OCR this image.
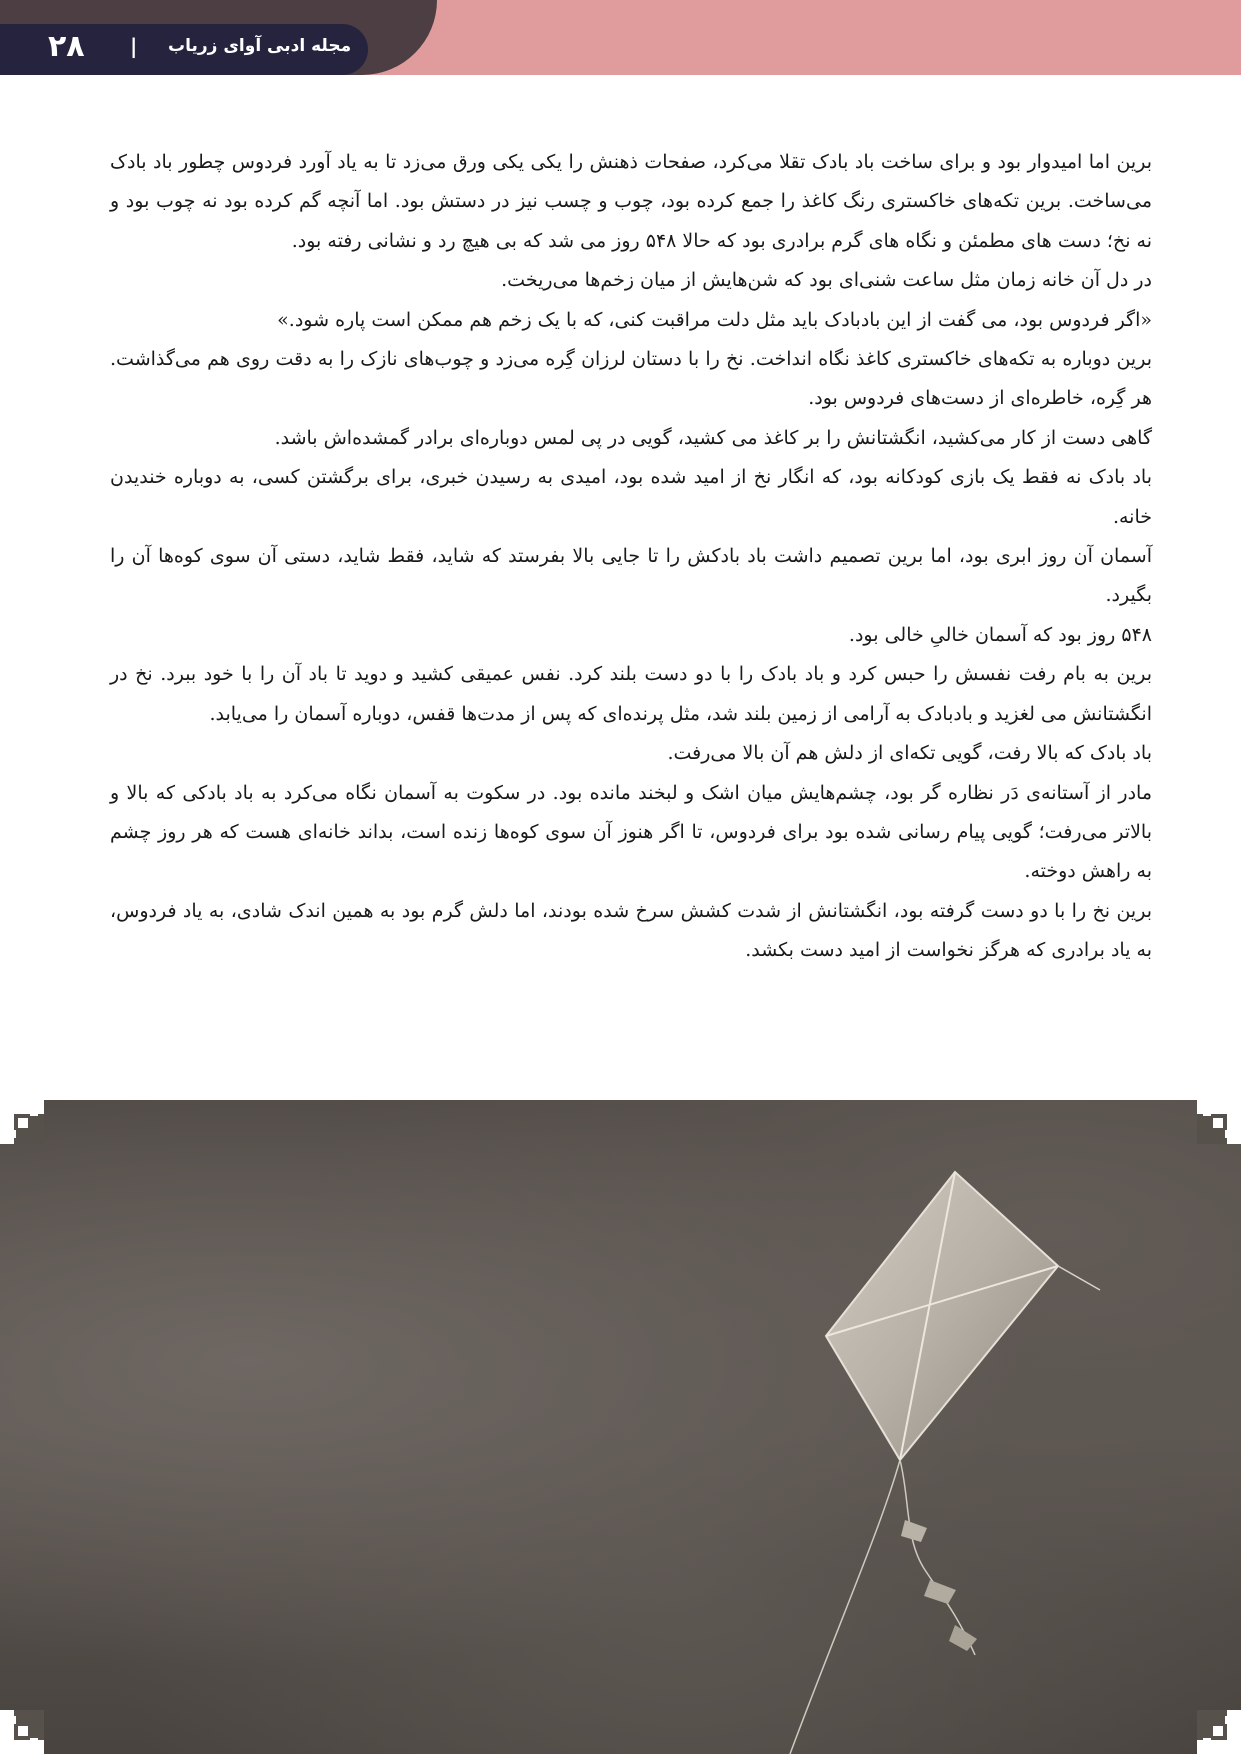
۲۸ | مجله ادبی آوای زریاب

برین اما امیدوار بود و برای ساخت باد بادک تقلا می‌کرد، صفحات ذهنش را یکی یکی ورق می‌زد تا به یاد آورد فردوس چطور باد بادک می‌ساخت. برین تکه‌های خاکستری رنگ کاغذ را جمع کرده بود، چوب و چسب نیز در دستش بود. اما آنچه گم کرده بود نه چوب بود و نه نخ؛ دست های مطمئن و نگاه های گرم برادری بود که حالا ۵۴۸ روز می شد که بی هیچ رد و نشانی رفته بود.

در دل آن خانه زمان مثل ساعت شنی‌ای بود که شن‌هایش از میان زخم‌ها می‌ریخت.

«اگر فردوس بود، می گفت از این بادبادک باید مثل دلت مراقبت کنی، که با یک زخم هم ممکن است پاره شود.»

برین دوباره به تکه‌های خاکستری کاغذ نگاه انداخت. نخ را با دستان لرزان گِره می‌زد و چوب‌های نازک را به دقت روی هم می‌گذاشت. هر گِره، خاطره‌ای از دست‌های فردوس بود.

گاهی دست از کار می‌کشید، انگشتانش را بر کاغذ می کشید، گویی در پی لمس دوباره‌ای برادر گمشده‌اش باشد.

باد بادک نه فقط یک بازی کودکانه بود، که انگار نخ از امید شده بود، امیدی به رسیدن خبری، برای برگشتن کسی، به دوباره خندیدن خانه.

آسمان آن روز ابری بود، اما برین تصمیم داشت باد بادکش را تا جایی بالا بفرستد که شاید، فقط شاید، دستی آن سوی کوه‌ها آن را بگیرد.

۵۴۸ روز بود که آسمان خالیِ خالی بود.

برین به بام رفت نفسش را حبس کرد و باد بادک را با دو دست بلند کرد. نفس عمیقی کشید و دوید تا باد آن را با خود ببرد. نخ در انگشتانش می لغزید و بادبادک به آرامی از زمین بلند شد، مثل پرنده‌ای که پس از مدت‌ها قفس، دوباره آسمان را می‌یابد.

باد بادک که بالا رفت، گویی تکه‌ای از دلش هم آن بالا می‌رفت.

مادر از آستانه‌ی دَر نظاره گر بود، چشم‌هایش میان اشک و لبخند مانده بود. در سکوت به آسمان نگاه می‌کرد به باد بادکی که بالا و بالاتر می‌رفت؛ گویی پیام رسانی شده بود برای فردوس، تا اگر هنوز آن سوی کوه‌ها زنده است، بداند خانه‌ای هست که هر روز چشم به راهش دوخته.

برین نخ را با دو دست گرفته بود، انگشتانش از شدت کشش سرخ شده بودند، اما دلش گرم بود به همین اندک شادی، به یاد فردوس، به یاد برادری که هرگز نخواست از امید دست بکشد.
